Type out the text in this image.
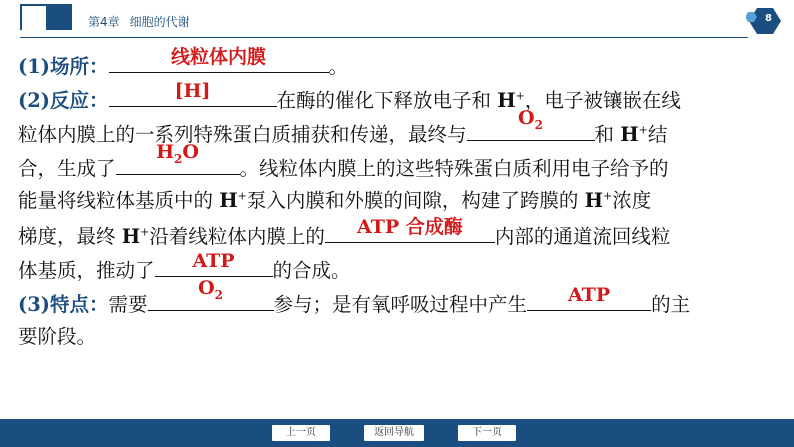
第4章 细胞的代谢	8
(1)场所：	线粒体内膜	。
(2)反应：	[H]	在酶的催化下释放电子和 H+，电子被镶嵌在线
粒体内膜上的一系列特殊蛋白质捕获和传递，最终与
$O_2$	和 H+结
合，生成了
$H_2O$
。线粒体内膜上的这些特殊蛋白质利用电子给予的
能量将线粒体基质中的 H+泵入内膜和外膜的间隙，构建了跨膜的 H+浓度
梯度，最终 H+沿着线粒体内膜上的	ATP 合成酶	内部的通道流回线粒
体基质，推动了	ATP	的合成。
(3)特点：需要
$O_2$	参与；是有氧呼吸过程中产生	ATP	的主
要阶段。
上一页	返回导航	下一页
